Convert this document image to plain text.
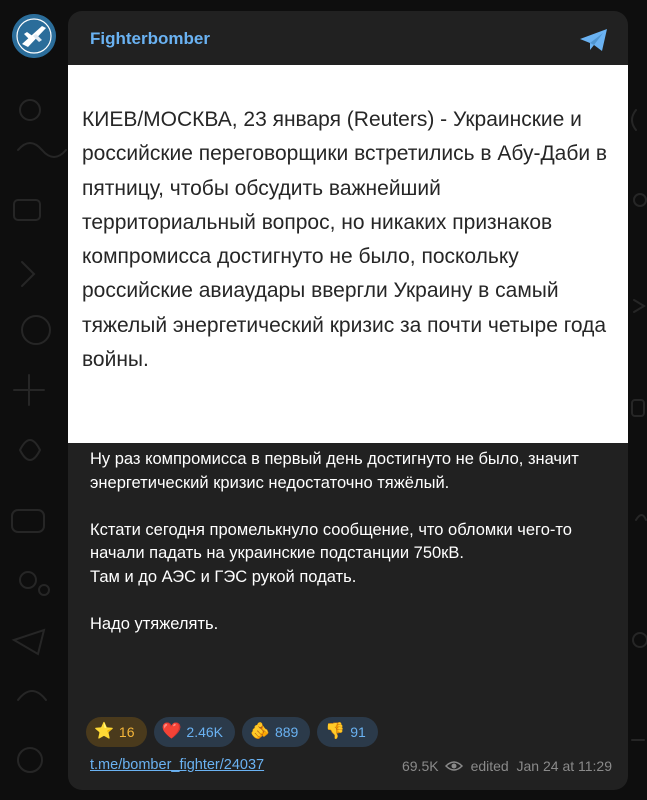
Fighterbomber
КИЕВ/МОСКВА, 23 января (Reuters) - Украинские и российские переговорщики встретились в Абу-Даби в пятницу, чтобы обсудить важнейший территориальный вопрос, но никаких признаков компромисса достигнуто не было, поскольку российские авиаудары ввергли Украину в самый тяжелый энергетический кризис за почти четыре года войны.

Ну раз компромисса в первый день достигнуто не было, значит энергетический кризис недостаточно тяжёлый.

Кстати сегодня промелькнуло сообщение, что обломки чего-то начали падать на украинские подстанции 750кВ.

Там и до АЭС и ГЭС рукой подать.

Надо утяжелять.

⭐ 16 ❤️ 2.46K 🫵 889 👎 91
t.me/bomber_fighter/24037	69.5K edited
Jan 24 at 11:29
